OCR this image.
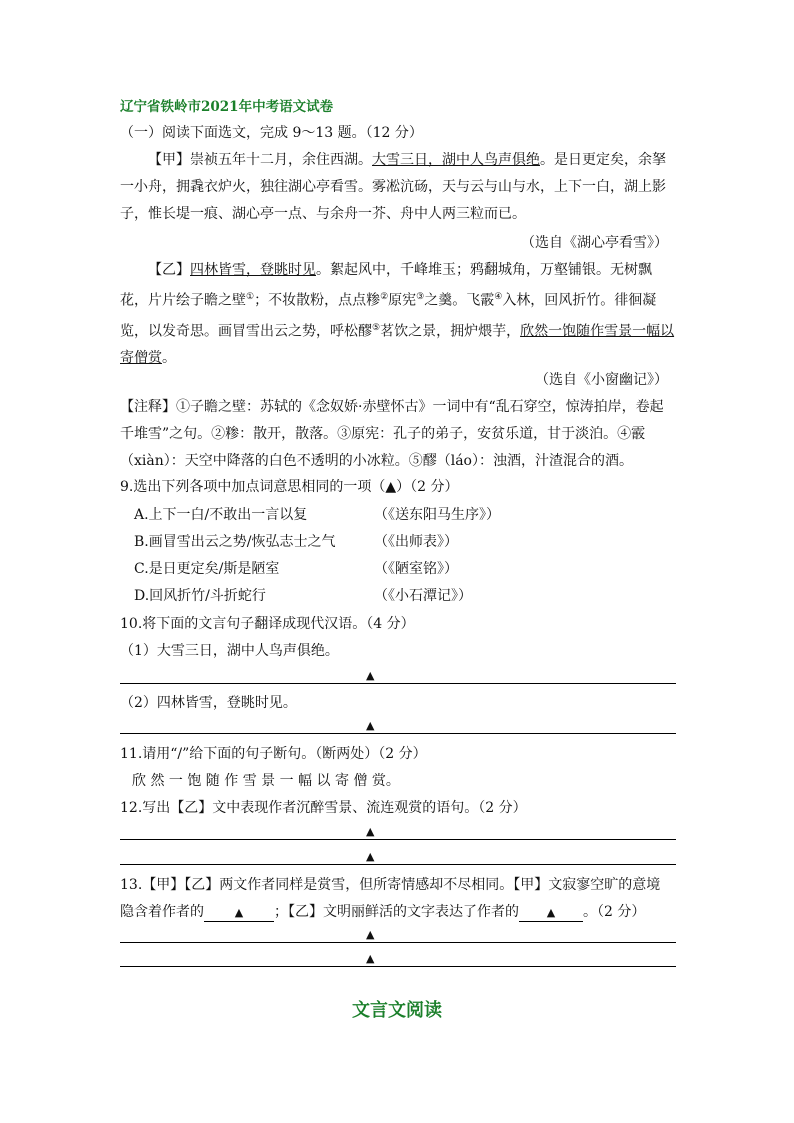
辽宁省铁岭市2021年中考语文试卷
（一）阅读下面选文，完成 9～13 题。（12 分）
【甲】崇祯五年十二月，余住西湖。大雪三日，湖中人鸟声俱绝。是日更定矣，余拏一小舟，拥毳衣炉火，独往湖心亭看雪。雾凇沆砀，天与云与山与水，上下一白，湖上影子，惟长堤一痕、湖心亭一点、与余舟一芥、舟中人两三粒而已。
（选自《湖心亭看雪》）
【乙】四林皆雪，登眺时见。絮起风中，千峰堆玉；鸦翻城角，万壑铺银。无树飘花，片片绘子瞻之壁①；不妆散粉，点点糁②原宪③之羹。飞霰④入林，回风折竹。徘徊凝览，以发奇思。画冒雪出云之势，呼松醪⑤茗饮之景，拥炉煨芋，欣然一饱随作雪景一幅以寄僧赏。
（选自《小窗幽记》）
【注释】①子瞻之壁：苏轼的《念奴娇·赤壁怀古》一词中有“乱石穿空，惊涛拍岸，卷起千堆雪”之句。②糁：散开，散落。③原宪：孔子的弟子，安贫乐道，甘于淡泊。④霰（xiàn）：天空中降落的白色不透明的小冰粒。⑤醪（láo）：浊酒，汁渣混合的酒。
9.选出下列各项中加点词意思相同的一项（▲）（2 分）
A.上下一白/不敢出一言以复	（《送东阳马生序》）
B.画冒雪出云之势/恢弘志士之气	（《出师表》）
C.是日更定矣/斯是陋室	（《陋室铭》）
D.回风折竹/斗折蛇行	（《小石潭记》）
10.将下面的文言句子翻译成现代汉语。（4 分）
（1）大雪三日，湖中人鸟声俱绝。
▲
（2）四林皆雪，登眺时见。
▲
11.请用“/”给下面的句子断句。（断两处）（2 分）
欣 然 一 饱 随 作 雪 景 一 幅 以 寄 僧 赏。
12.写出【乙】文中表现作者沉醉雪景、流连观赏的语句。（2 分）
▲
▲
13.【甲】【乙】两文作者同样是赏雪，但所寄情感却不尽相同。【甲】文寂寥空旷的意境
隐含着作者的	▲ ；【乙】文明丽鲜活的文字表达了作者的	▲ 。（2 分）
▲
▲
文言文阅读
